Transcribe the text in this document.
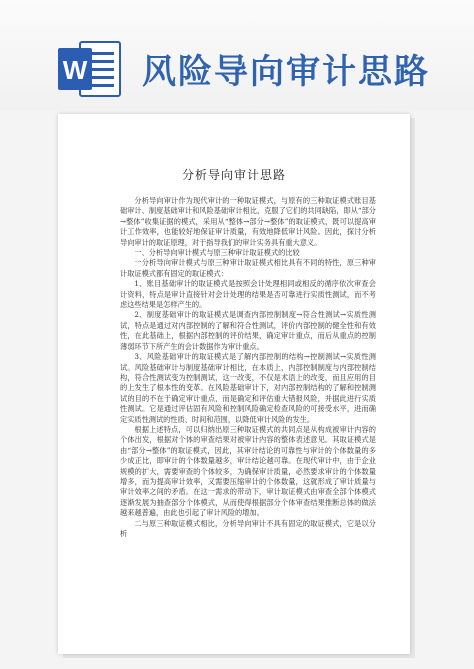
W 风险导向审计思路
分析导向审计思路

分析导向审计作为现代审计的一种取证模式，与原有的三种取证模式账目基础审计、制度基础审计和风险基础审计相比，克服了它们的共同缺陷，即从“部分→整体”收集证据的模式，采用从“整体→部分→整体”的取证模式，既可以提高审计工作效率，也能较好地保证审计质量，有效地降低审计风险。因此，探讨分析导向审计的取证原理，对于指导我们的审计实务具有重大意义。

一、分析导向审计模式与原三种审计取证模式的比较

一分析导向审计模式与原三种审计取证模式相比具有不同的特性，原三种审计取证模式都有固定的取证模式：

1、账目基础审计的取证模式是按照会计处理相同或相反的循序依次审查会计资料，特点是审计直接针对会计处理的结果是否可靠进行实质性测试，而不考虑这些结果是怎样产生的。

2、制度基础审计的取证模式是调查内部控制制度→符合性测试→实质性测试，特点是通过对内部控制的了解和符合性测试，评价内部控制的健全性和有效性，在此基础上，根据内部控制的评价结果，确定审计重点，而后从重点的控制薄弱环节下所产生的会计数据作为审计重点。

3、风险基础审计的取证模式是了解内部控制的结构→控制测试→实质性测试。风险基础审计与制度基础审计相比，在本质上，内部控制制度与内部控制结构，符合性测试变为控制测试，这一改变，不仅是术语上的改变，而且应用的目的上发生了根本性的变革。在风险基础审计下，对内部控制结构的了解和控制测试的目的不在于确定审计重点，而是确定和评估重大错报风险，并据此进行实质性测试。它是通过评估固有风险和控制风险确定检查风险的可接受水平，进而确定实质性测试的性质、时间和范围，以降低审计风险的发生。

根据上述特点，可以归纳出原三种取证模式的共同点是从构成被审计内容的个体出发，根据对个体的审查结果对被审计内容的整体表述意见。其取证模式是由“部分→整体”的取证模式，因此，其审计结论的可靠性与审计的个体数量的多少成正比，即审计的个体数量越多，审计结论越可靠。在现代审计中，由于企业规模的扩大，需要审查的个体较多，为确保审计质量，必然要求审计的个体数量增多，而为提高审计效率，又需要压缩审计的个体数量，这就形成了审计质量与审计效率之间的矛盾。在这一需求的带动下，审计取证模式由审查全部个体模式逐渐发展为抽查部分个体模式，从而使得根据部分个体审查结果推断总体的做法越来越普遍，由此也引起了审计风险的增加。

二与原三种取证模式相比，分析导向审计不具有固定的取证模式，它是以分析
